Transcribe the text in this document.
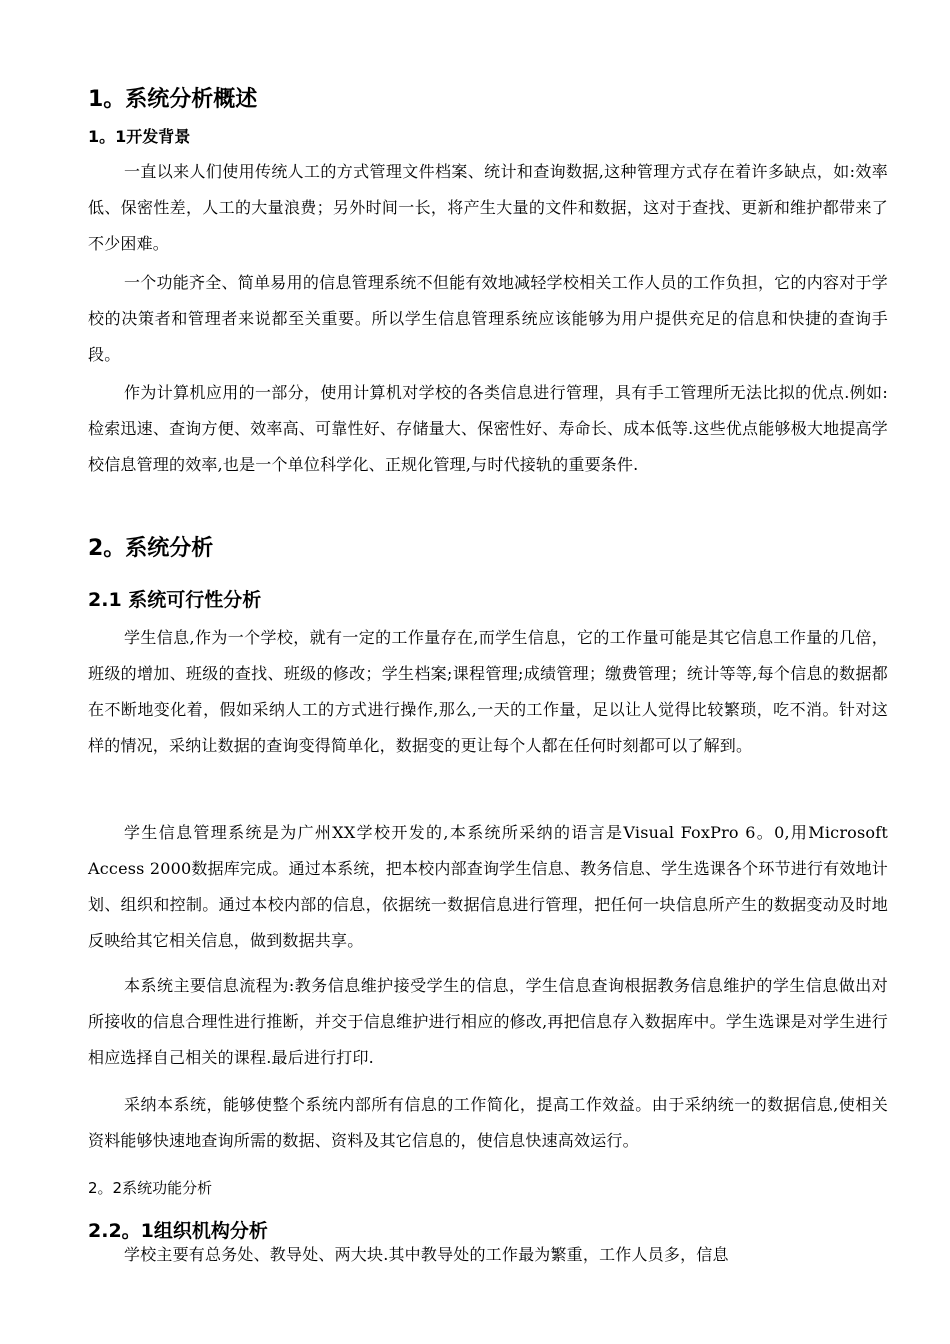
1。系统分析概述
1。1开发背景

一直以来人们使用传统人工的方式管理文件档案、统计和查询数据,这种管理方式存在着许多缺点，如:效率低、保密性差，人工的大量浪费；另外时间一长，将产生大量的文件和数据，这对于查找、更新和维护都带来了不少困难。

一个功能齐全、简单易用的信息管理系统不但能有效地减轻学校相关工作人员的工作负担，它的内容对于学校的决策者和管理者来说都至关重要。所以学生信息管理系统应该能够为用户提供充足的信息和快捷的查询手段。

作为计算机应用的一部分，使用计算机对学校的各类信息进行管理，具有手工管理所无法比拟的优点.例如:检索迅速、查询方便、效率高、可靠性好、存储量大、保密性好、寿命长、成本低等.这些优点能够极大地提高学校信息管理的效率,也是一个单位科学化、正规化管理,与时代接轨的重要条件.

2。系统分析
2.1 系统可行性分析

学生信息,作为一个学校，就有一定的工作量存在,而学生信息，它的工作量可能是其它信息工作量的几倍，班级的增加、班级的查找、班级的修改；学生档案;课程管理;成绩管理；缴费管理；统计等等,每个信息的数据都在不断地变化着，假如采纳人工的方式进行操作,那么,一天的工作量，足以让人觉得比较繁琐，吃不消。针对这样的情况，采纳让数据的查询变得简单化，数据变的更让每个人都在任何时刻都可以了解到。

学生信息管理系统是为广州XX学校开发的,本系统所采纳的语言是Visual FoxPro 6。0,用Microsoft Access 2000数据库完成。通过本系统，把本校内部查询学生信息、教务信息、学生选课各个环节进行有效地计划、组织和控制。通过本校内部的信息，依据统一数据信息进行管理，把任何一块信息所产生的数据变动及时地反映给其它相关信息，做到数据共享。

本系统主要信息流程为:教务信息维护接受学生的信息，学生信息查询根据教务信息维护的学生信息做出对所接收的信息合理性进行推断，并交于信息维护进行相应的修改,再把信息存入数据库中。学生选课是对学生进行相应选择自己相关的课程.最后进行打印.

采纳本系统，能够使整个系统内部所有信息的工作简化，提高工作效益。由于采纳统一的数据信息,使相关资料能够快速地查询所需的数据、资料及其它信息的，使信息快速高效运行。

2。2系统功能分析
2.2。1组织机构分析

学校主要有总务处、教导处、两大块.其中教导处的工作最为繁重，工作人员多，信息
